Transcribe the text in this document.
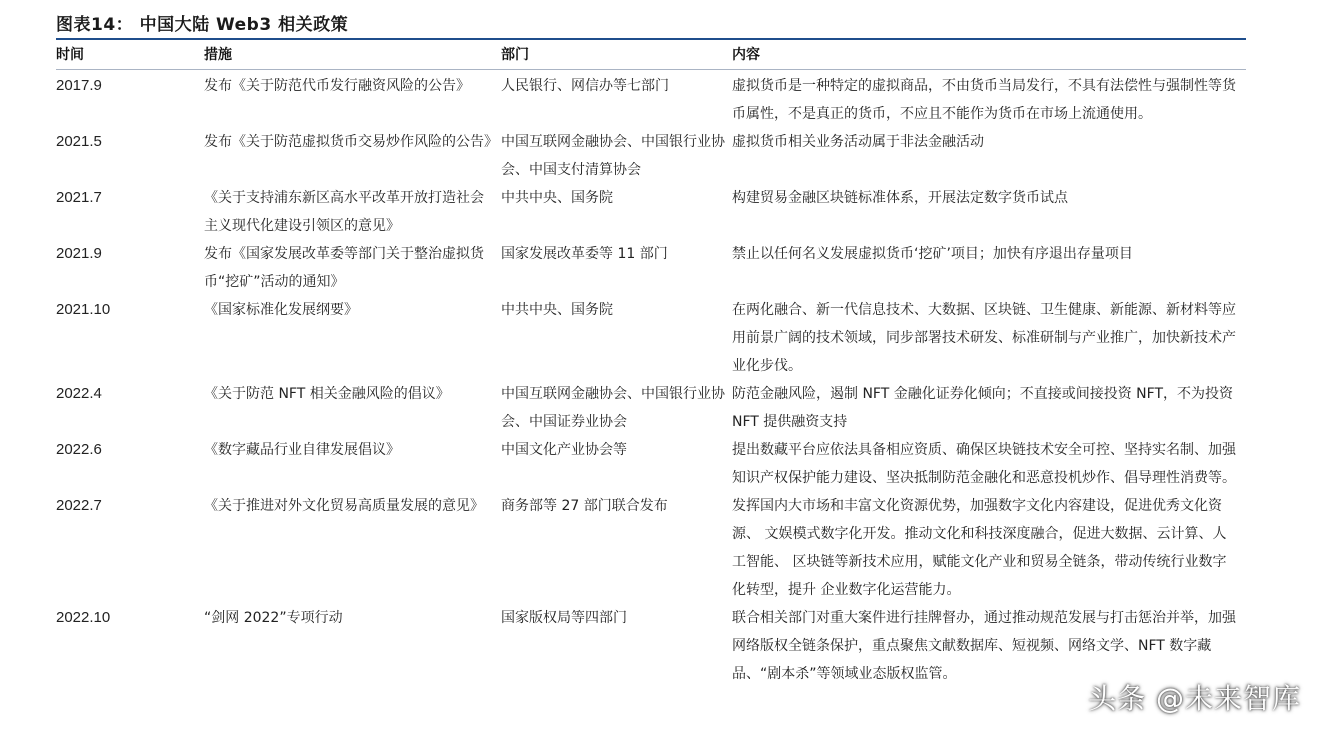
图表14： 中国大陆 Web3 相关政策
时间	措施	部门	内容
2017.9	发布《关于防范代币发行融资风险的公告》	人民银行、网信办等七部门	虚拟货币是一种特定的虚拟商品，不由货币当局发行，不具有法偿性与强制性等货币属性，不是真正的货币，不应且不能作为货币在市场上流通使用。
2021.5	发布《关于防范虚拟货币交易炒作风险的公告》	中国互联网金融协会、中国银行业协会、中国支付清算协会	虚拟货币相关业务活动属于非法金融活动
2021.7	《关于支持浦东新区高水平改革开放打造社会主义现代化建设引领区的意见》	中共中央、国务院	构建贸易金融区块链标准体系，开展法定数字货币试点
2021.9	发布《国家发展改革委等部门关于整治虚拟货币“挖矿”活动的通知》	国家发展改革委等 11 部门	禁止以任何名义发展虚拟货币‘挖矿’项目；加快有序退出存量项目
2021.10	《国家标准化发展纲要》	中共中央、国务院	在两化融合、新一代信息技术、大数据、区块链、卫生健康、新能源、新材料等应用前景广阔的技术领域，同步部署技术研发、标准研制与产业推广，加快新技术产业化步伐。
2022.4	《关于防范 NFT 相关金融风险的倡议》	中国互联网金融协会、中国银行业协会、中国证券业协会	防范金融风险，遏制 NFT 金融化证券化倾向；不直接或间接投资 NFT，不为投资 NFT 提供融资支持
2022.6	《数字藏品行业自律发展倡议》	中国文化产业协会等	提出数藏平台应依法具备相应资质、确保区块链技术安全可控、坚持实名制、加强知识产权保护能力建设、坚决抵制防范金融化和恶意投机炒作、倡导理性消费等。
2022.7	《关于推进对外文化贸易高质量发展的意见》	商务部等 27 部门联合发布	发挥国内大市场和丰富文化资源优势，加强数字文化内容建设，促进优秀文化资源、 文娱模式数字化开发。推动文化和科技深度融合，促进大数据、云计算、人工智能、 区块链等新技术应用，赋能文化产业和贸易全链条，带动传统行业数字化转型，提升 企业数字化运营能力。
2022.10	“剑网 2022”专项行动	国家版权局等四部门	联合相关部门对重大案件进行挂牌督办，通过推动规范发展与打击惩治并举，加强网络版权全链条保护，重点聚焦文献数据库、短视频、网络文学、NFT 数字藏品、“剧本杀”等领域业态版权监管。
头条 @未来智库
